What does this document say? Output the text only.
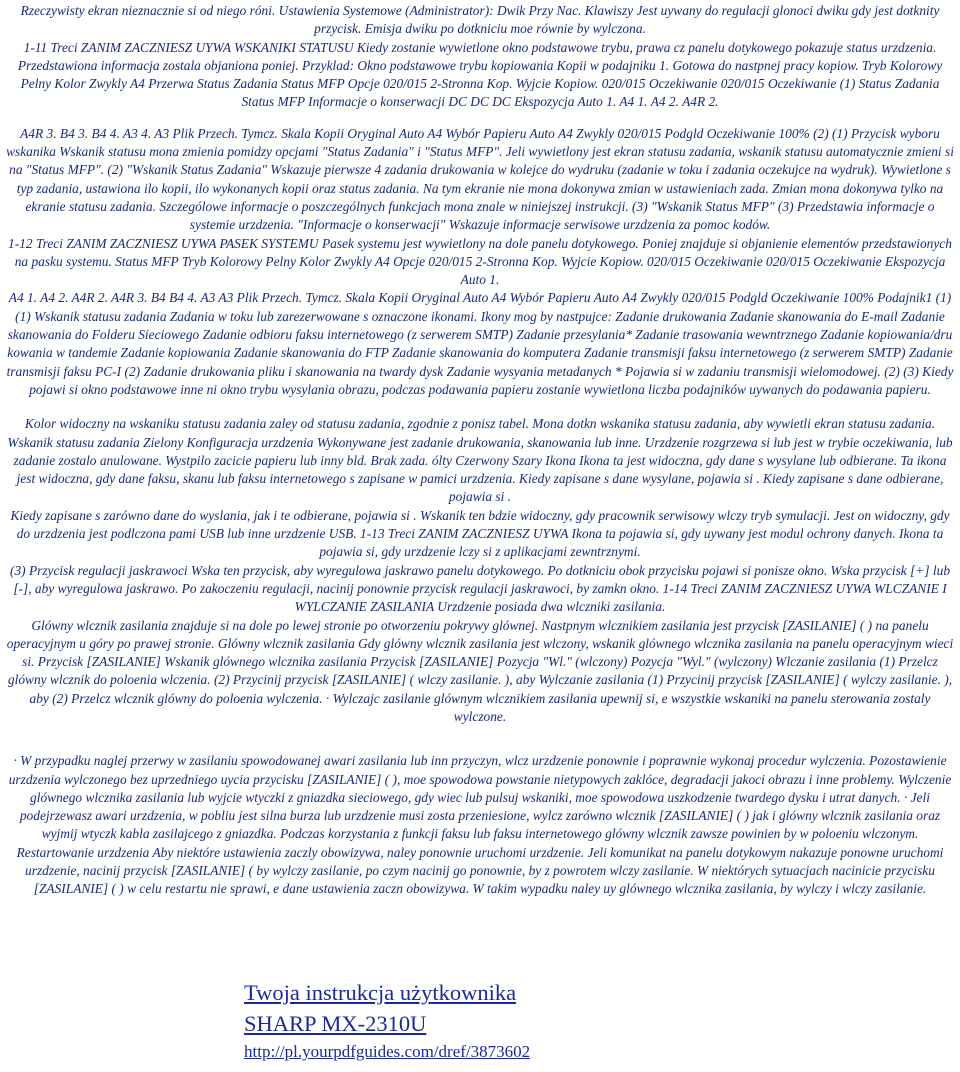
Rzeczywisty ekran nieznacznie si od niego róni. Ustawienia Systemowe (Administrator): Dwik Przy Nac. Klawiszy Jest uywany do regulacji glonoci dwiku gdy jest dotknity przycisk. Emisja dwiku po dotkniciu moe równie by wylczona.

1-11 Treci ZANIM ZACZNIESZ UYWA WSKANIKI STATUSU Kiedy zostanie wywietlone okno podstawowe trybu, prawa cz panelu dotykowego pokazuje status urzdzenia. Przedstawiona informacja zostala objaniona poniej. Przyklad: Okno podstawowe trybu kopiowania Kopii w podajniku 1. Gotowa do nastpnej pracy kopiow. Tryb Kolorowy Pelny Kolor Zwykly A4 Przerwa Status Zadania Status MFP Opcje 020/015 2-Stronna Kop. Wyjcie Kopiow. 020/015 Oczekiwanie 020/015 Oczekiwanie (1) Status Zadania Status MFP Informacje o konserwacji DC DC DC Ekspozycja Auto 1. A4 1. A4 2. A4R 2.

A4R 3. B4 3. B4 4. A3 4. A3 Plik Przech. Tymcz. Skala Kopii Oryginal Auto A4 Wybór Papieru Auto A4 Zwykly 020/015 Podgld Oczekiwanie 100% (2) (1) Przycisk wyboru wskanika Wskanik statusu mona zmienia pomidzy opcjami "Status Zadania" i "Status MFP". Jeli wywietlony jest ekran statusu zadania, wskanik statusu automatycznie zmieni si na "Status MFP". (2) "Wskanik Status Zadania" Wskazuje pierwsze 4 zadania drukowania w kolejce do wydruku (zadanie w toku i zadania oczekujce na wydruk). Wywietlone s typ zadania, ustawiona ilo kopii, ilo wykonanych kopii oraz status zadania. Na tym ekranie nie mona dokonywa zmian w ustawieniach zada. Zmian mona dokonywa tylko na ekranie statusu zadania. Szczególowe informacje o poszczególnych funkcjach mona znale w niniejszej instrukcji. (3) "Wskanik Status MFP" (3) Przedstawia informacje o systemie urzdzenia. "Informacje o konserwacji" Wskazuje informacje serwisowe urzdzenia za pomoc kodów.

1-12 Treci ZANIM ZACZNIESZ UYWA PASEK SYSTEMU Pasek systemu jest wywietlony na dole panelu dotykowego. Poniej znajduje si objanienie elementów przedstawionych na pasku systemu. Status MFP Tryb Kolorowy Pelny Kolor Zwykly A4 Opcje 020/015 2-Stronna Kop. Wyjcie Kopiow. 020/015 Oczekiwanie 020/015 Oczekiwanie Ekspozycja Auto 1.

A4 1. A4 2. A4R 2. A4R 3. B4 B4 4. A3 A3 Plik Przech. Tymcz. Skala Kopii Oryginal Auto A4 Wybór Papieru Auto A4 Zwykly 020/015 Podgld Oczekiwanie 100% Podajnik1 (1) (1) Wskanik statusu zadania Zadania w toku lub zarezerwowane s oznaczone ikonami. Ikony mog by nastpujce: Zadanie drukowania Zadanie skanowania do E-mail Zadanie skanowania do Folderu Sieciowego Zadanie odbioru faksu internetowego (z serwerem SMTP) Zadanie przesylania* Zadanie trasowania wewntrznego Zadanie kopiowania/dru kowania w tandemie Zadanie kopiowania Zadanie skanowania do FTP Zadanie skanowania do komputera Zadanie transmisji faksu internetowego (z serwerem SMTP) Zadanie transmisji faksu PC-I (2) Zadanie drukowania pliku i skanowania na twardy dysk Zadanie wysyania metadanych * Pojawia si w zadaniu transmisji wielomodowej. (2) (3) Kiedy pojawi si okno podstawowe inne ni okno trybu wysylania obrazu, podczas podawania papieru zostanie wywietlona liczba podajników uywanych do podawania papieru.

Kolor widoczny na wskaniku statusu zadania zaley od statusu zadania, zgodnie z ponisz tabel. Mona dotkn wskanika statusu zadania, aby wywietli ekran statusu zadania. Wskanik statusu zadania Zielony Konfiguracja urzdzenia Wykonywane jest zadanie drukowania, skanowania lub inne. Urzdzenie rozgrzewa si lub jest w trybie oczekiwania, lub zadanie zostalo anulowane. Wystpilo zacicie papieru lub inny bld. Brak zada. ólty Czerwony Szary Ikona Ikona ta jest widoczna, gdy dane s wysylane lub odbierane. Ta ikona jest widoczna, gdy dane faksu, skanu lub faksu internetowego s zapisane w pamici urzdzenia. Kiedy zapisane s dane wysylane, pojawia si . Kiedy zapisane s dane odbierane, pojawia si .

Kiedy zapisane s zarówno dane do wyslania, jak i te odbierane, pojawia si . Wskanik ten bdzie widoczny, gdy pracownik serwisowy wlczy tryb symulacji. Jest on widoczny, gdy do urzdzenia jest podlczona pami USB lub inne urzdzenie USB. 1-13 Treci ZANIM ZACZNIESZ UYWA Ikona ta pojawia si, gdy uywany jest modul ochrony danych. Ikona ta pojawia si, gdy urzdzenie lczy si z aplikacjami zewntrznymi.

(3) Przycisk regulacji jaskrawoci Wska ten przycisk, aby wyregulowa jaskrawo panelu dotykowego. Po dotkniciu obok przycisku pojawi si ponisze okno. Wska przycisk [+] lub [-], aby wyregulowa jaskrawo. Po zakoczeniu regulacji, nacinij ponownie przycisk regulacji jaskrawoci, by zamkn okno. 1-14 Treci ZANIM ZACZNIESZ UYWA WLCZANIE I WYLCZANIE ZASILANIA Urzdzenie posiada dwa wlczniki zasilania.

Glówny wlcznik zasilania znajduje si na dole po lewej stronie po otworzeniu pokrywy glównej. Nastpnym wlcznikiem zasilania jest przycisk [ZASILANIE] ( ) na panelu operacyjnym u góry po prawej stronie. Glówny wlcznik zasilania Gdy glówny wlcznik zasilania jest wlczony, wskanik glównego wlcznika zasilania na panelu operacyjnym wieci si. Przycisk [ZASILANIE] Wskanik glównego wlcznika zasilania Przycisk [ZASILANIE] Pozycja "Wl." (wlczony) Pozycja "Wyl." (wylczony) Wlczanie zasilania (1) Przelcz glówny wlcznik do poloenia wlczenia. (2) Przycinij przycisk [ZASILANIE] ( wlczy zasilanie. ), aby Wylczanie zasilania (1) Przycinij przycisk [ZASILANIE] ( wylczy zasilanie. ), aby (2) Przelcz wlcznik glówny do poloenia wylczenia. · Wylczajc zasilanie glównym wlcznikiem zasilania upewnij si, e wszystkie wskaniki na panelu sterowania zostaly wylczone.

· W przypadku naglej przerwy w zasilaniu spowodowanej awari zasilania lub inn przyczyn, wlcz urzdzenie ponownie i poprawnie wykonaj procedur wylczenia. Pozostawienie urzdzenia wylczonego bez uprzedniego uycia przycisku [ZASILANIE] ( ), moe spowodowa powstanie nietypowych zaklóce, degradacji jakoci obrazu i inne problemy. Wylczenie glównego wlcznika zasilania lub wyjcie wtyczki z gniazdka sieciowego, gdy wiec lub pulsuj wskaniki, moe spowodowa uszkodzenie twardego dysku i utrat danych. · Jeli podejrzewasz awari urzdzenia, w pobliu jest silna burza lub urzdzenie musi zosta przeniesione, wylcz zarówno wlcznik [ZASILANIE] ( ) jak i glówny wlcznik zasilania oraz wyjmij wtyczk kabla zasilajcego z gniazdka. Podczas korzystania z funkcji faksu lub faksu internetowego glówny wlcznik zawsze powinien by w poloeniu wlczonym. Restartowanie urzdzenia Aby niektóre ustawienia zaczly obowizywa, naley ponownie uruchomi urzdzenie. Jeli komunikat na panelu dotykowym nakazuje ponowne uruchomi urzdzenie, nacinij przycisk [ZASILANIE] ( by wylczy zasilanie, po czym nacinij go ponownie, by z powrotem wlczy zasilanie. W niektórych sytuacjach nacinicie przycisku [ZASILANIE] ( ) w celu restartu nie sprawi, e dane ustawienia zaczn obowizywa. W takim wypadku naley uy glównego wlcznika zasilania, by wylczy i wlczy zasilanie.

Twoja instrukcja użytkownika
SHARP MX-2310U
http://pl.yourpdfguides.com/dref/3873602
